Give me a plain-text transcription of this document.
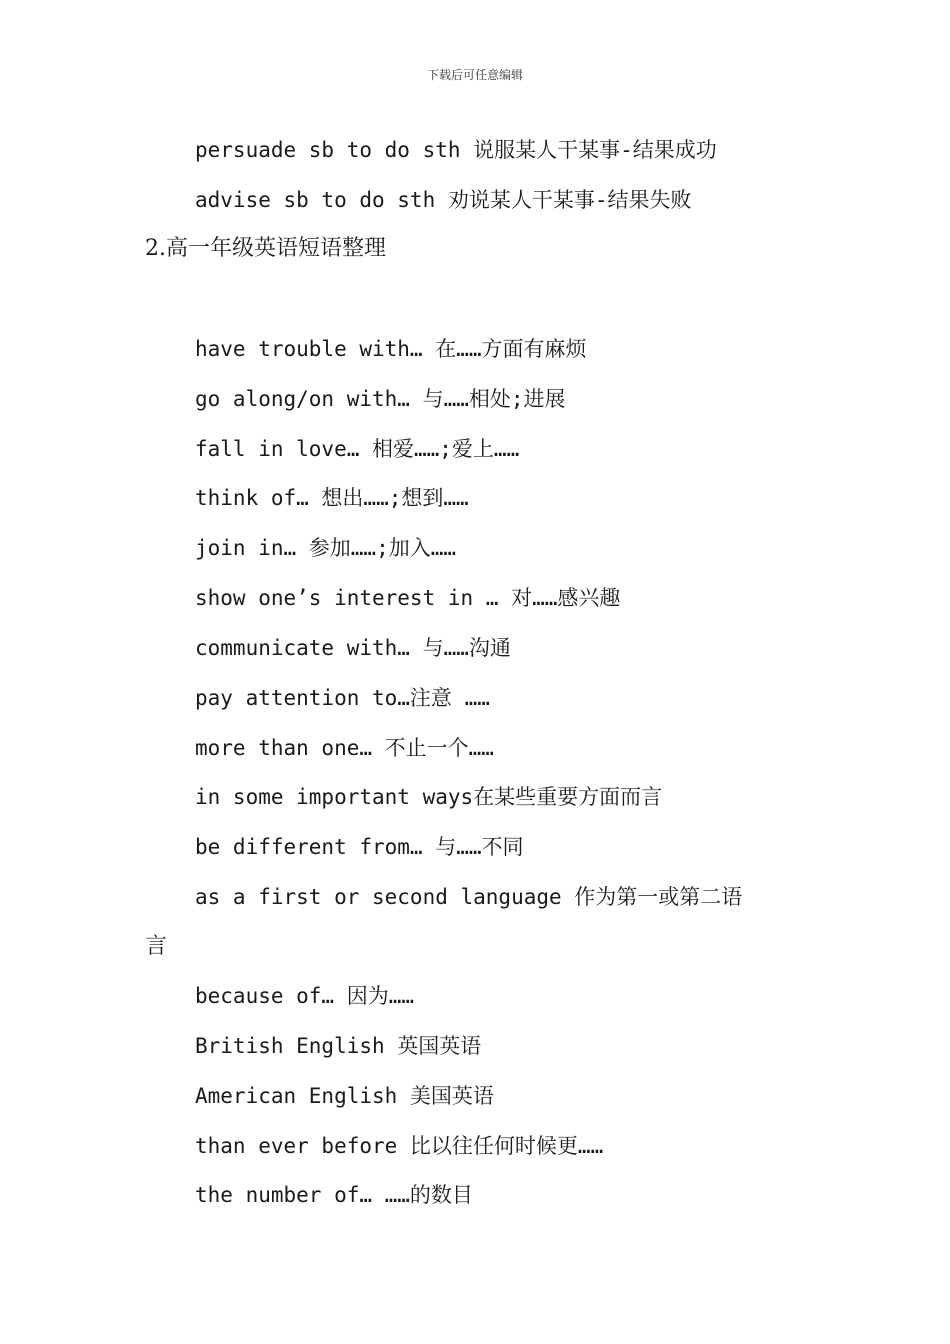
下载后可任意编辑
persuade sb to do sth 说服某人干某事-结果成功
advise sb to do sth 劝说某人干某事-结果失败
2.高一年级英语短语整理
have trouble with… 在……方面有麻烦
go along/on with… 与……相处;进展
fall in love… 相爱……;爱上……
think of… 想出……;想到……
join in… 参加……;加入……
show one’s interest in … 对……感兴趣
communicate with… 与……沟通
pay attention to…注意 ……
more than one… 不止一个……
in some important ways在某些重要方面而言
be different from… 与……不同
as a first or second language 作为第一或第二语
言
because of… 因为……
British English 英国英语
American English 美国英语
than ever before 比以往任何时候更……
the number of… ……的数目
